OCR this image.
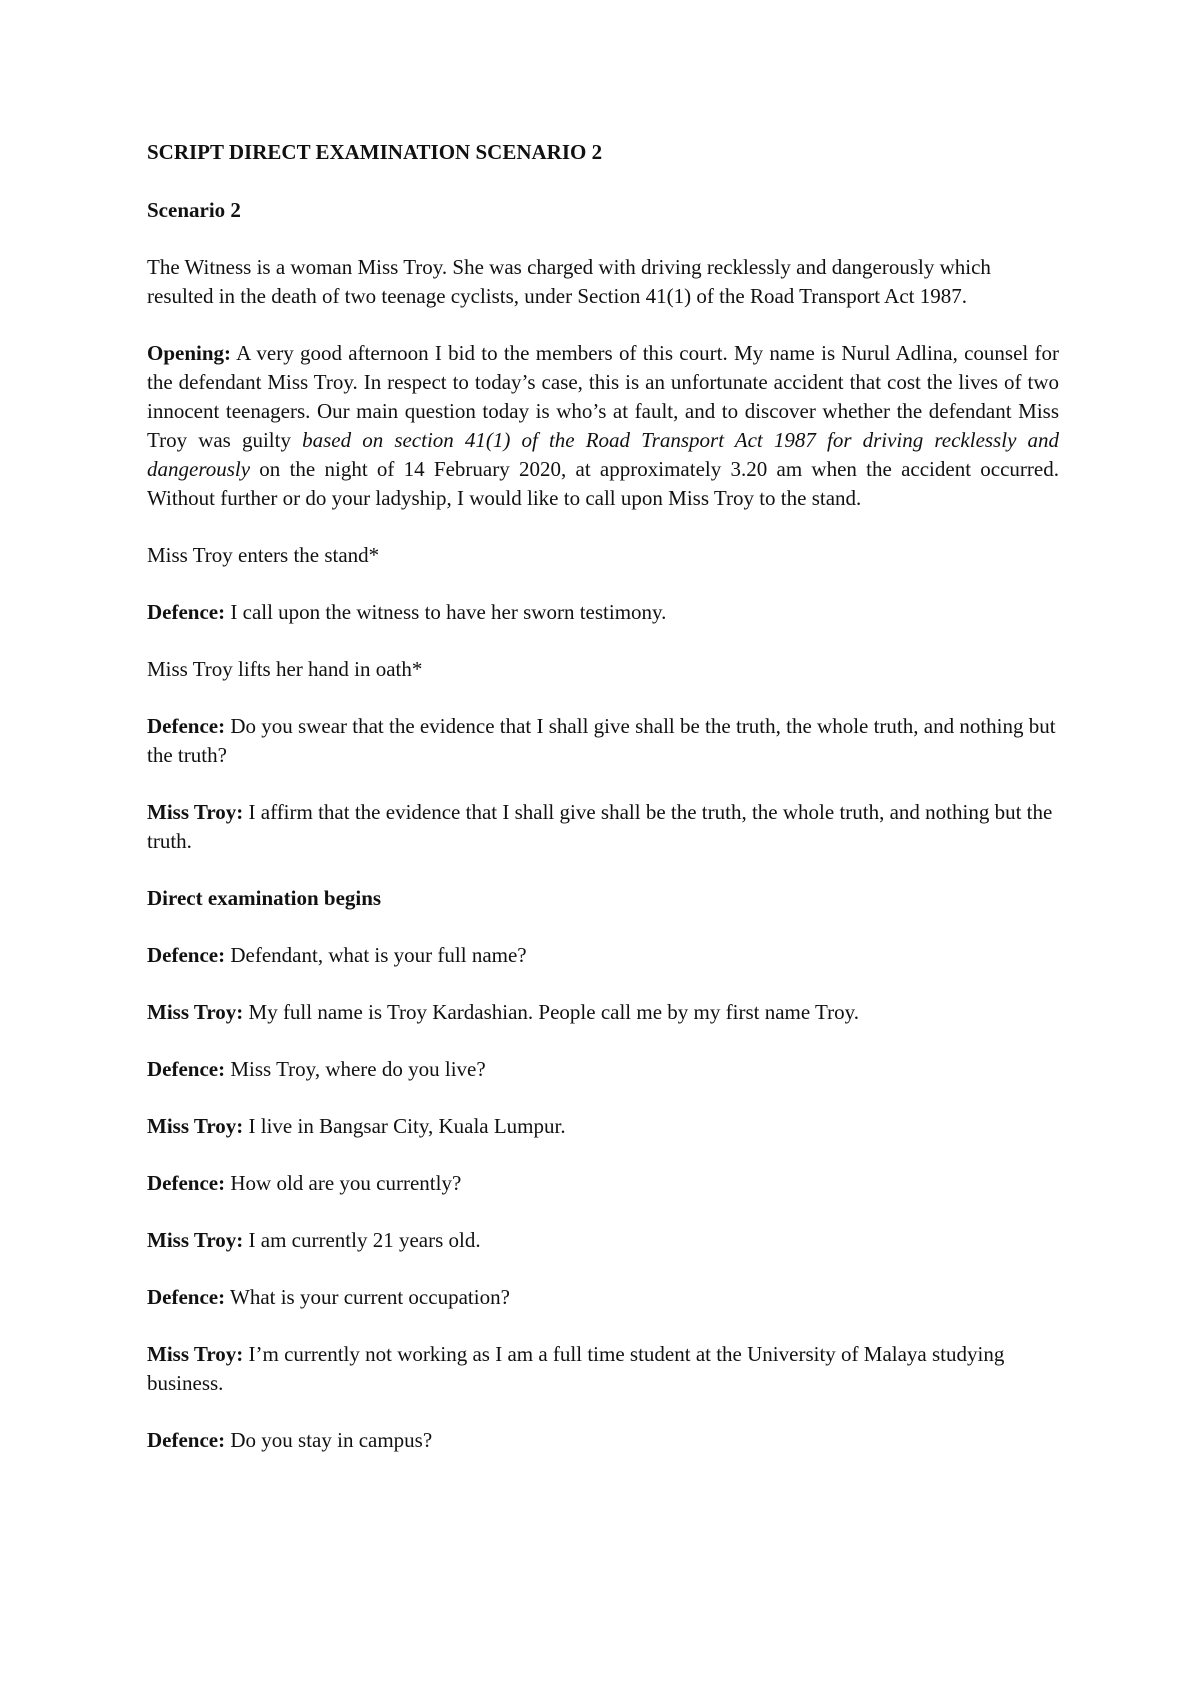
SCRIPT DIRECT EXAMINATION SCENARIO 2
Scenario 2
The Witness is a woman Miss Troy. She was charged with driving recklessly and dangerously which resulted in the death of two teenage cyclists, under Section 41(1) of the Road Transport Act 1987.
Opening: A very good afternoon I bid to the members of this court. My name is Nurul Adlina, counsel for the defendant Miss Troy. In respect to today’s case, this is an unfortunate accident that cost the lives of two innocent teenagers. Our main question today is who’s at fault, and to discover whether the defendant Miss Troy was guilty based on section 41(1) of the Road Transport Act 1987 for driving recklessly and dangerously on the night of 14 February 2020, at approximately 3.20 am when the accident occurred. Without further or do your ladyship, I would like to call upon Miss Troy to the stand.
Miss Troy enters the stand*
Defence: I call upon the witness to have her sworn testimony.
Miss Troy lifts her hand in oath*
Defence: Do you swear that the evidence that I shall give shall be the truth, the whole truth, and nothing but the truth?
Miss Troy: I affirm that the evidence that I shall give shall be the truth, the whole truth, and nothing but the truth.
Direct examination begins
Defence: Defendant, what is your full name?
Miss Troy: My full name is Troy Kardashian. People call me by my first name Troy.
Defence: Miss Troy, where do you live?
Miss Troy: I live in Bangsar City, Kuala Lumpur.
Defence: How old are you currently?
Miss Troy: I am currently 21 years old.
Defence: What is your current occupation?
Miss Troy: I’m currently not working as I am a full time student at the University of Malaya studying business.
Defence: Do you stay in campus?
